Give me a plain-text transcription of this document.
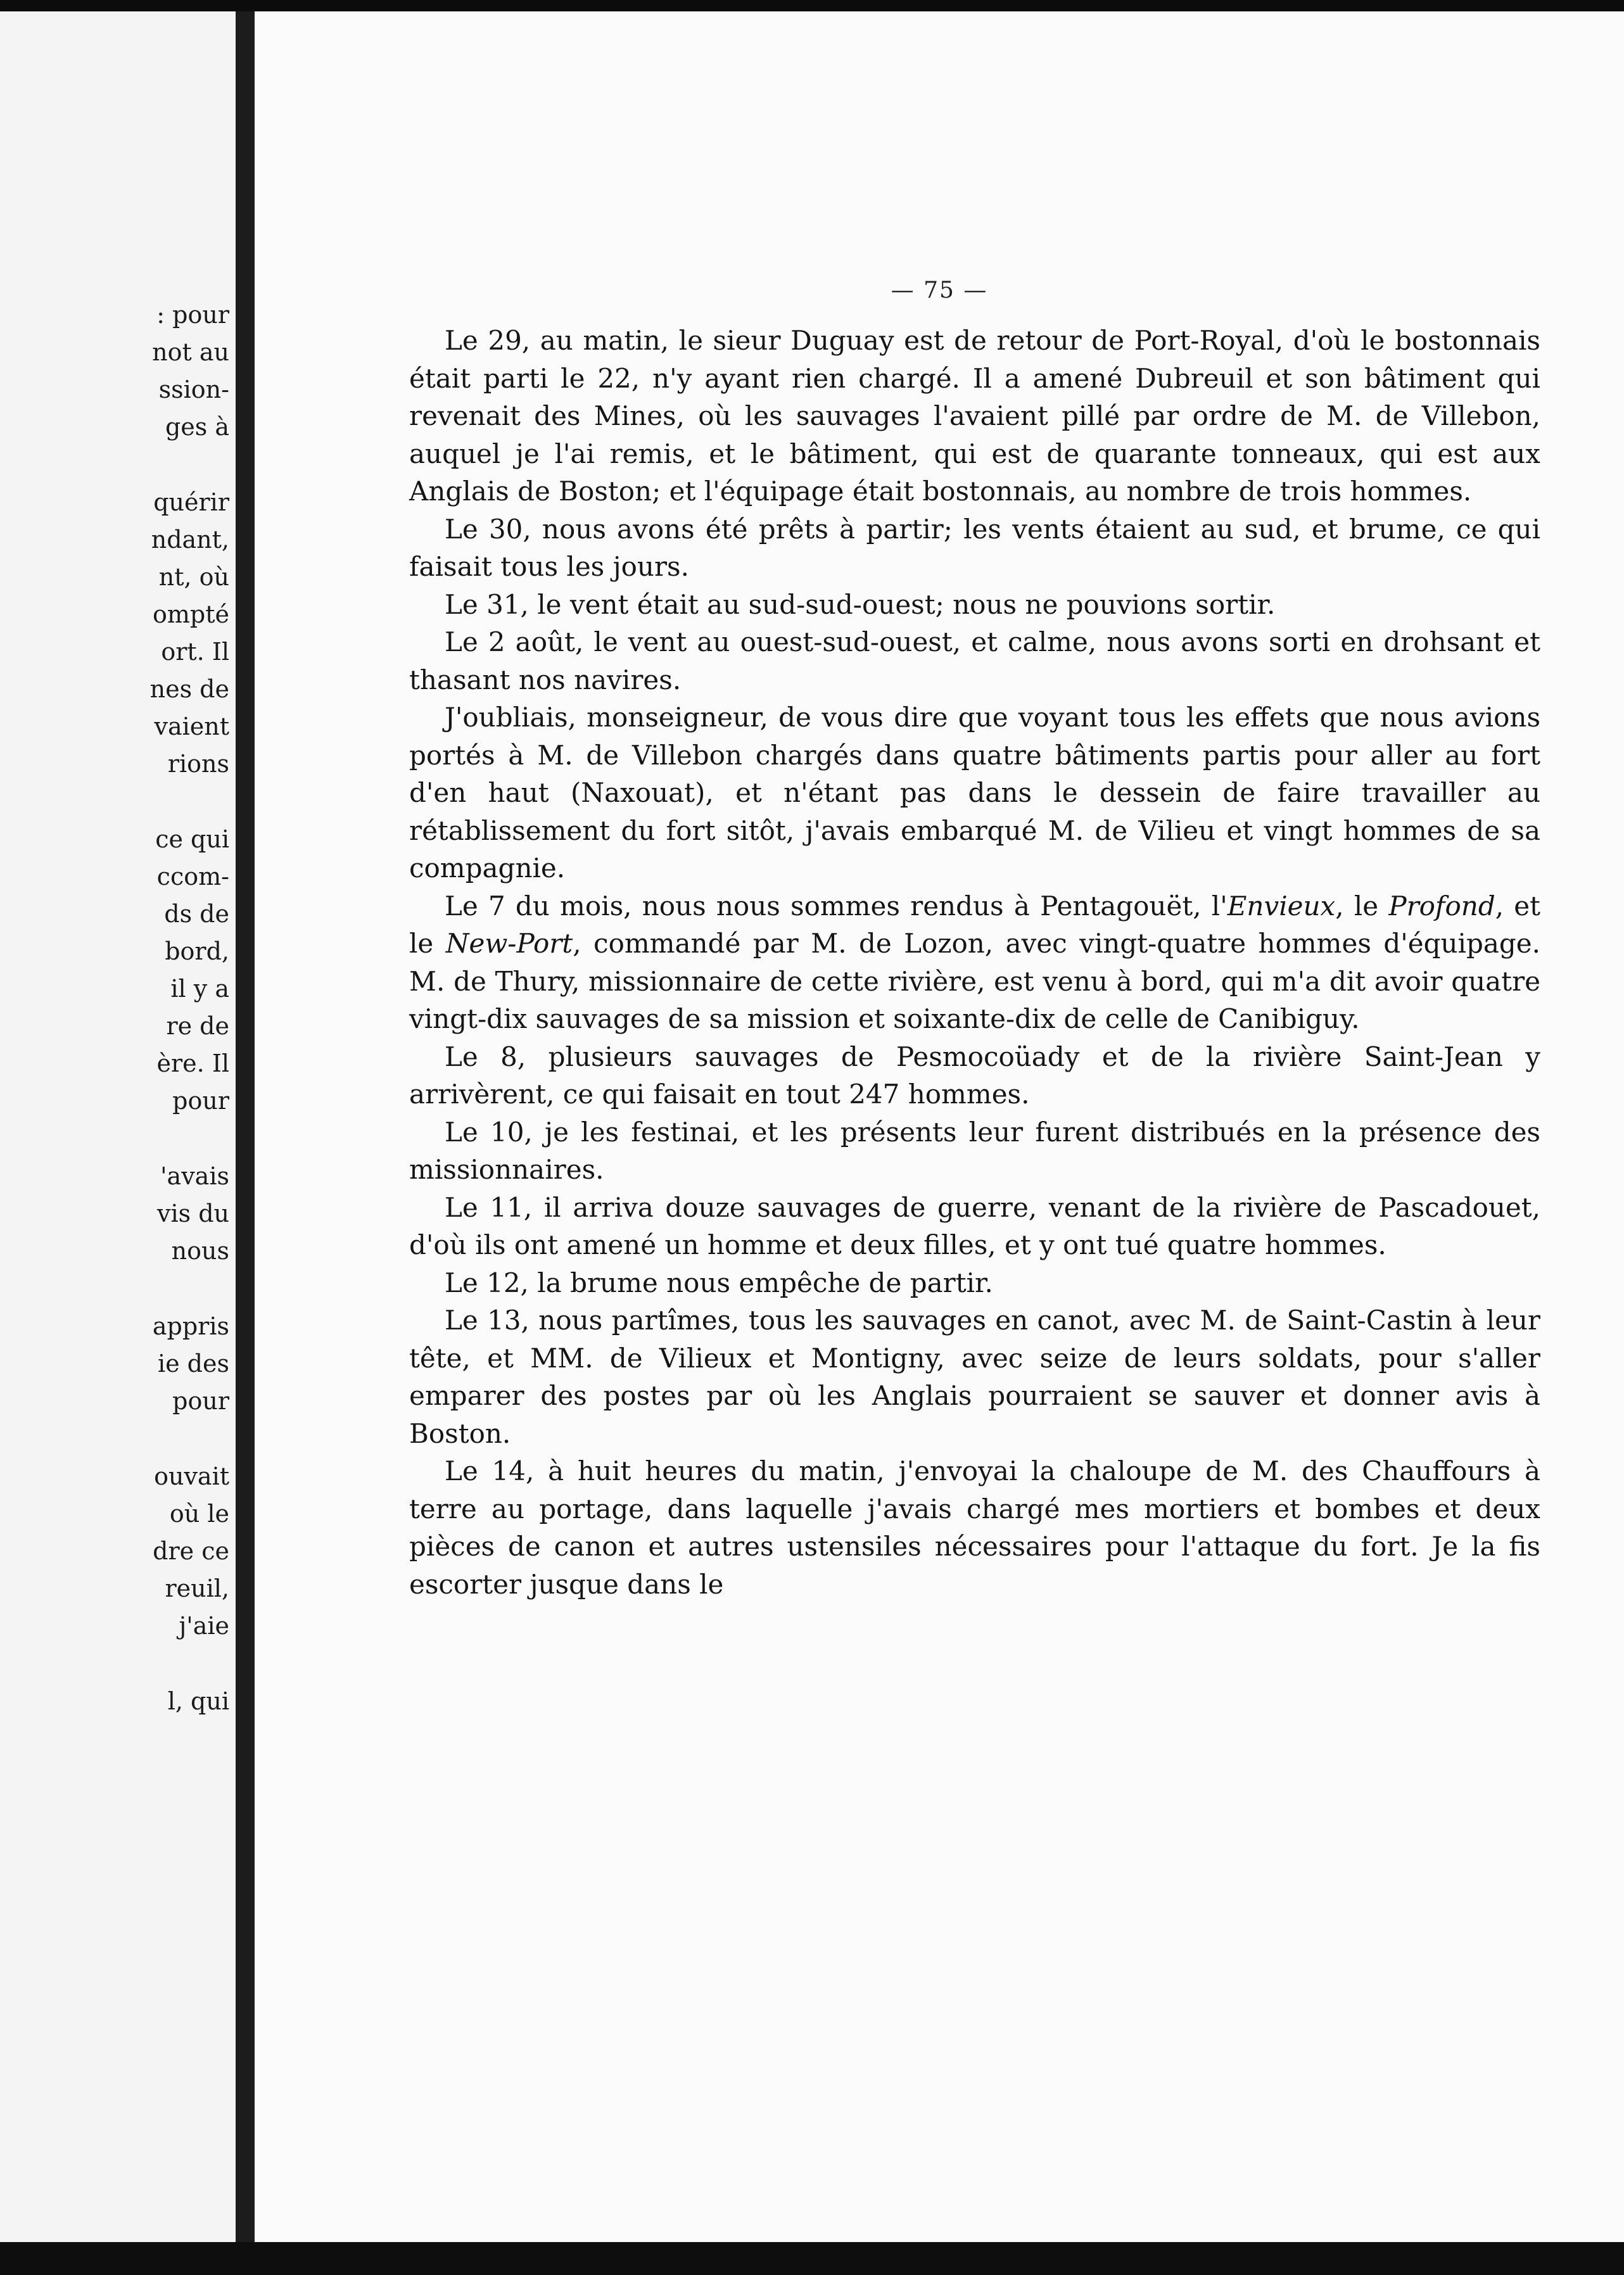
: pour

not au

ssion-

ges à

quérir

ndant,

nt, où

ompté

ort. Il

nes de

vaient

rions

ce qui

ccom-

ds de

bord,

il y a

re de

ère. Il

pour

'avais

vis du

nous

appris

ie des

pour

ouvait

où le

dre ce

reuil,

j'aie

l, qui

— 75 —

Le 29, au matin, le sieur Duguay est de retour de Port-Royal, d'où le bostonnais était parti le 22, n'y ayant rien chargé. Il a amené Dubreuil et son bâtiment qui revenait des Mines, où les sauvages l'avaient pillé par ordre de M. de Villebon, auquel je l'ai remis, et le bâtiment, qui est de quarante tonneaux, qui est aux Anglais de Boston; et l'équipage était bostonnais, au nombre de trois hommes.

Le 30, nous avons été prêts à partir; les vents étaient au sud, et brume, ce qui faisait tous les jours.

Le 31, le vent était au sud-sud-ouest; nous ne pouvions sortir.

Le 2 août, le vent au ouest-sud-ouest, et calme, nous avons sorti en drohsant et thasant nos navires.

J'oubliais, monseigneur, de vous dire que voyant tous les effets que nous avions portés à M. de Villebon chargés dans quatre bâtiments partis pour aller au fort d'en haut (Naxouat), et n'étant pas dans le dessein de faire travailler au rétablissement du fort sitôt, j'avais embarqué M. de Vilieu et vingt hommes de sa compagnie.

Le 7 du mois, nous nous sommes rendus à Pentagouët, l'Envieux, le Profond, et le New-Port, commandé par M. de Lozon, avec vingt-quatre hommes d'équipage. M. de Thury, missionnaire de cette rivière, est venu à bord, qui m'a dit avoir quatre vingt-dix sauvages de sa mission et soixante-dix de celle de Canibiguy.

Le 8, plusieurs sauvages de Pesmocoüady et de la rivière Saint-Jean y arrivèrent, ce qui faisait en tout 247 hommes.

Le 10, je les festinai, et les présents leur furent distribués en la présence des missionnaires.

Le 11, il arriva douze sauvages de guerre, venant de la rivière de Pascadouet, d'où ils ont amené un homme et deux filles, et y ont tué quatre hommes.

Le 12, la brume nous empêche de partir.

Le 13, nous partîmes, tous les sauvages en canot, avec M. de Saint-Castin à leur tête, et MM. de Vilieux et Montigny, avec seize de leurs soldats, pour s'aller emparer des postes par où les Anglais pourraient se sauver et donner avis à Boston.

Le 14, à huit heures du matin, j'envoyai la chaloupe de M. des Chauffours à terre au portage, dans laquelle j'avais chargé mes mortiers et bombes et deux pièces de canon et autres ustensiles nécessaires pour l'attaque du fort. Je la fis escorter jusque dans le
